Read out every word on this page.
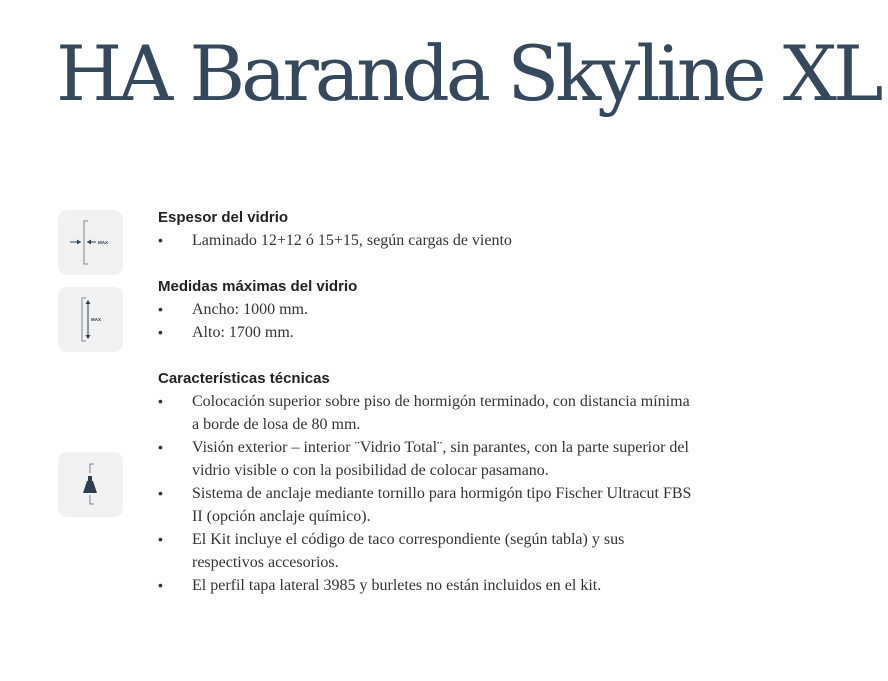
HA Baranda Skyline XL
MAX
MAX
Espesor del vidrio
• Laminado 12+12 ó 15+15, según cargas de viento
Medidas máximas del vidrio
• Ancho: 1000 mm.
• Alto: 1700 mm.
Características técnicas
• Colocación superior sobre piso de hormigón terminado, con distancia mínima a borde de losa de 80 mm.
• Visión exterior – interior ¨Vidrio Total¨, sin parantes, con la parte superior del vidrio visible o con la posibilidad de colocar pasamano.
• Sistema de anclaje mediante tornillo para hormigón tipo Fischer Ultracut FBS II (opción anclaje químico).
• El Kit incluye el código de taco correspondiente (según tabla) y sus respectivos accesorios.
• El perfil tapa lateral 3985 y burletes no están incluidos en el kit.
